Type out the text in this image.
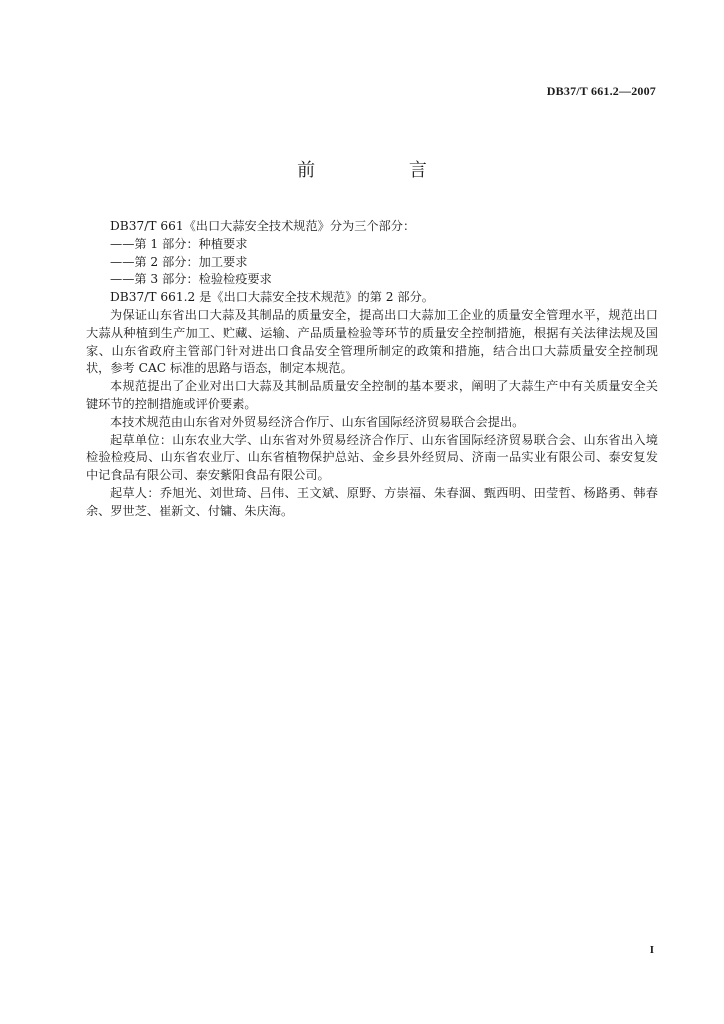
DB37/T 661.2—2007
前 言

DB37/T 661《出口大蒜安全技术规范》分为三个部分：

——第 1 部分：种植要求

——第 2 部分：加工要求

——第 3 部分：检验检疫要求

DB37/T 661.2 是《出口大蒜安全技术规范》的第 2 部分。

为保证山东省出口大蒜及其制品的质量安全，提高出口大蒜加工企业的质量安全管理水平，规范出口大蒜从种植到生产加工、贮藏、运输、产品质量检验等环节的质量安全控制措施，根据有关法律法规及国家、山东省政府主管部门针对进出口食品安全管理所制定的政策和措施，结合出口大蒜质量安全控制现状，参考 CAC 标准的思路与语态，制定本规范。

本规范提出了企业对出口大蒜及其制品质量安全控制的基本要求，阐明了大蒜生产中有关质量安全关键环节的控制措施或评价要素。

本技术规范由山东省对外贸易经济合作厅、山东省国际经济贸易联合会提出。

起草单位：山东农业大学、山东省对外贸易经济合作厅、山东省国际经济贸易联合会、山东省出入境检验检疫局、山东省农业厅、山东省植物保护总站、金乡县外经贸局、济南一品实业有限公司、泰安复发中记食品有限公司、泰安紫阳食品有限公司。

起草人：乔旭光、刘世琦、吕伟、王文斌、原野、方崇福、朱春涸、甄西明、田莹哲、杨路勇、韩春余、罗世芝、崔新文、付镛、朱庆海。

I
